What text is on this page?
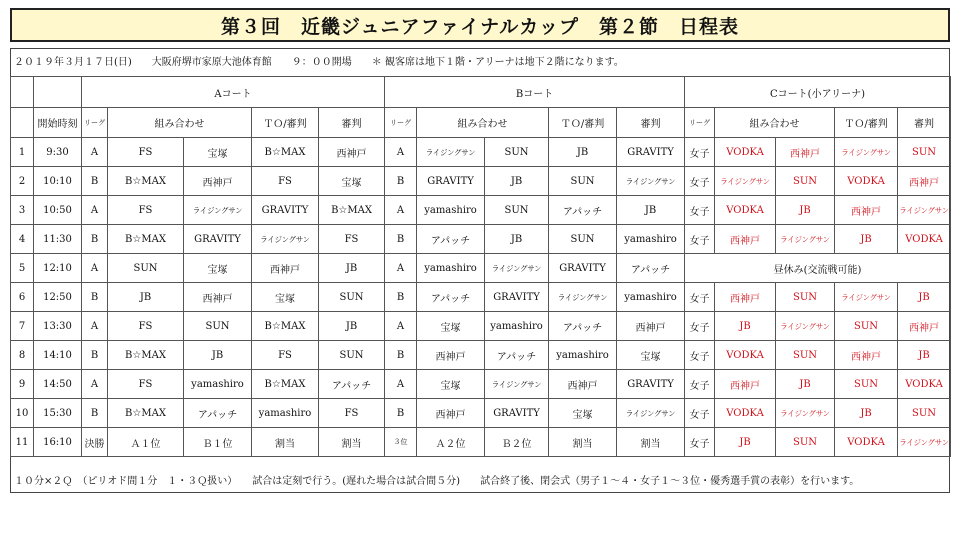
第３回　近畿ジュニアファイナルカップ　第２節　日程表
２０１９年３月１７日(日)　　大阪府堺市家原大池体育館　　９：００開場　　＊ 観客席は地下１階・アリーナは地下２階になります。
		Aコート					Bコート					Cコート(小アリーナ)				
	開始時刻	リーグ	組み合わせ		ＴＯ/審判	審判	リーグ	組み合わせ		ＴＯ/審判	審判	リーグ	組み合わせ		ＴＯ/審判	審判
1	9:30	A	FS	宝塚	B☆MAX	西神戸	A	ライジングサン	SUN	JB	GRAVITY	女子	VODKA	西神戸	ライジングサン	SUN
2	10:10	B	B☆MAX	西神戸	FS	宝塚	B	GRAVITY	JB	SUN	ライジングサン	女子	ライジングサン	SUN	VODKA	西神戸
3	10:50	A	FS	ライジングサン	GRAVITY	B☆MAX	A	yamashiro	SUN	アパッチ	JB	女子	VODKA	JB	西神戸	ライジングサン
4	11:30	B	B☆MAX	GRAVITY	ライジングサン	FS	B	アパッチ	JB	SUN	yamashiro	女子	西神戸	ライジングサン	JB	VODKA
5	12:10	A	SUN	宝塚	西神戸	JB	A	yamashiro	ライジングサン	GRAVITY	アパッチ	昼休み(交流戦可能)				
6	12:50	B	JB	西神戸	宝塚	SUN	B	アパッチ	GRAVITY	ライジングサン	yamashiro	女子	西神戸	SUN	ライジングサン	JB
7	13:30	A	FS	SUN	B☆MAX	JB	A	宝塚	yamashiro	アパッチ	西神戸	女子	JB	ライジングサン	SUN	西神戸
8	14:10	B	B☆MAX	JB	FS	SUN	B	西神戸	アパッチ	yamashiro	宝塚	女子	VODKA	SUN	西神戸	JB
9	14:50	A	FS	yamashiro	B☆MAX	アパッチ	A	宝塚	ライジングサン	西神戸	GRAVITY	女子	西神戸	JB	SUN	VODKA
10	15:30	B	B☆MAX	アパッチ	yamashiro	FS	B	西神戸	GRAVITY	宝塚	ライジングサン	女子	VODKA	ライジングサン	JB	SUN
11	16:10	決勝	Ａ１位	Ｂ１位	割当	割当	３位	Ａ２位	Ｂ２位	割当	割当	女子	JB	SUN	VODKA	ライジングサン
１０分×２Ｑ　（ピリオド間１分　１・３Ｑ扱い）　　試合は定刻で行う。(遅れた場合は試合間５分)　　試合終了後、閉会式（男子１～４・女子１～３位・優秀選手賞の表彰）を行います。
